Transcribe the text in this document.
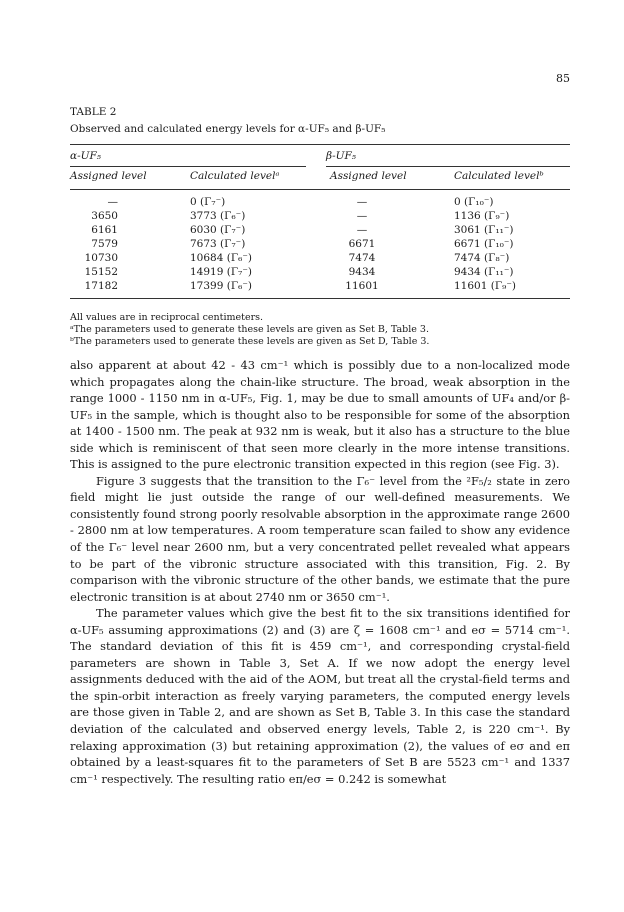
85
TABLE 2
Observed and calculated energy levels for α-UF₅ and β-UF₅
α-UF₅	β-UF₅
Assigned level	Calculated levelᵃ	Assigned level	Calculated levelᵇ
—	0 (Γ₇⁻)	—	0 (Γ₁₀⁻)
3650	3773 (Γ₆⁻)	—	1136 (Γ₉⁻)
6161	6030 (Γ₇⁻)	—	3061 (Γ₁₁⁻)
7579	7673 (Γ₇⁻)	6671	6671 (Γ₁₀⁻)
10730	10684 (Γ₆⁻)	7474	7474 (Γ₈⁻)
15152	14919 (Γ₇⁻)	9434	9434 (Γ₁₁⁻)
17182	17399 (Γ₆⁻)	11601	11601 (Γ₉⁻)
All values are in reciprocal centimeters.
ᵃThe parameters used to generate these levels are given as Set B, Table 3.
ᵇThe parameters used to generate these levels are given as Set D, Table 3.

also apparent at about 42 - 43 cm⁻¹ which is possibly due to a non-localized mode which propagates along the chain-like structure. The broad, weak absorption in the range 1000 - 1150 nm in α-UF₅, Fig. 1, may be due to small amounts of UF₄ and/or β-UF₅ in the sample, which is thought also to be responsible for some of the absorption at 1400 - 1500 nm. The peak at 932 nm is weak, but it also has a structure to the blue side which is reminiscent of that seen more clearly in the more intense transitions. This is assigned to the pure electronic transition expected in this region (see Fig. 3).

Figure 3 suggests that the transition to the Γ₆⁻ level from the ²F₅/₂ state in zero field might lie just outside the range of our well-defined measurements. We consistently found strong poorly resolvable absorption in the approximate range 2600 - 2800 nm at low temperatures. A room temperature scan failed to show any evidence of the Γ₆⁻ level near 2600 nm, but a very concentrated pellet revealed what appears to be part of the vibronic structure associated with this transition, Fig. 2. By comparison with the vibronic structure of the other bands, we estimate that the pure electronic transition is at about 2740 nm or 3650 cm⁻¹.

The parameter values which give the best fit to the six transitions identified for α-UF₅ assuming approximations (2) and (3) are ζ = 1608 cm⁻¹ and eσ = 5714 cm⁻¹. The standard deviation of this fit is 459 cm⁻¹, and corresponding crystal-field parameters are shown in Table 3, Set A. If we now adopt the energy level assignments deduced with the aid of the AOM, but treat all the crystal-field terms and the spin-orbit interaction as freely varying parameters, the computed energy levels are those given in Table 2, and are shown as Set B, Table 3. In this case the standard deviation of the calculated and observed energy levels, Table 2, is 220 cm⁻¹. By relaxing approximation (3) but retaining approximation (2), the values of eσ and eπ obtained by a least-squares fit to the parameters of Set B are 5523 cm⁻¹ and 1337 cm⁻¹ respectively. The resulting ratio eπ/eσ = 0.242 is somewhat
